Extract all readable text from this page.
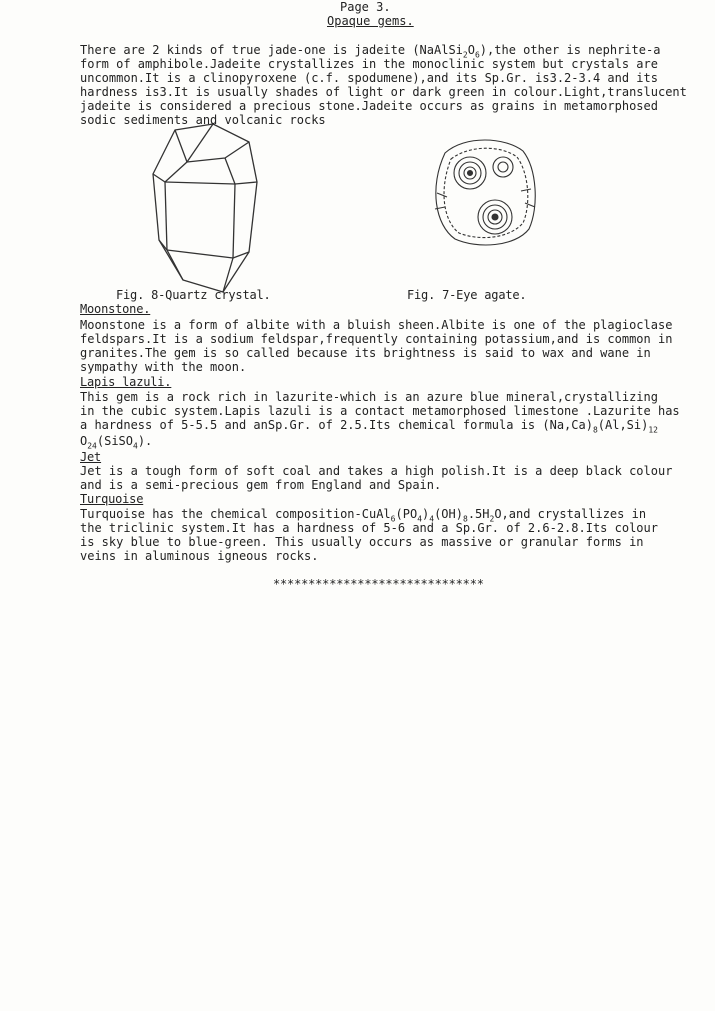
Page 3.
Opaque gems.
There are 2 kinds of true jade-one is jadeite $(NaAlSi_2O_6),the$ other is nephrite-a
form of amphibole.Jadeite crystallizes in the monoclinic system but crystals are
uncommon.It is a clinopyroxene (c.f. spodumene),and its Sp.Gr. is3.2-3.4 and its
hardness is3.It is usually shades of light or dark green in colour.Light,translucent
jadeite is considered a precious stone.Jadeite occurs as grains in metamorphosed
sodic sediments and volcanic rocks
Fig. 8-Quartz crystal.	Fig. 7-Eye agate.
Moonstone.
Moonstone is a form of albite with a bluish sheen.Albite is one of the plagioclase
feldspars.It is a sodium feldspar,frequently containing potassium,and is common in
granites.The gem is so called because its brightness is said to wax and wane in
sympathy with the moon.
Lapis lazuli.
This gem is a rock rich in lazurite-which is an azure blue mineral,crystallizing
in the cubic system.Lapis lazuli is a contact metamorphosed limestone .Lazurite has
a hardness of 5-5.5 and anSp.Gr. of 2.5.Its chemical formula is $(Na,Ca)_8(Al,Si)_{12}$
$O_{24}(SiSO_4)$.
Jet
Jet is a tough form of soft coal and takes a high polish.It is a deep black colour
and is a semi-precious gem from England and Spain.
Turquoise
Turquoise has the chemical composition-$CuAl_6(PO_4)_4(OH)_8.5H_2O,and$ crystallizes in
the triclinic system.It has a hardness of 5-6 and a Sp.Gr. of 2.6-2.8.Its colour
is sky blue to blue-green. This usually occurs as massive or granular forms in
veins in aluminous igneous rocks.
******************************
